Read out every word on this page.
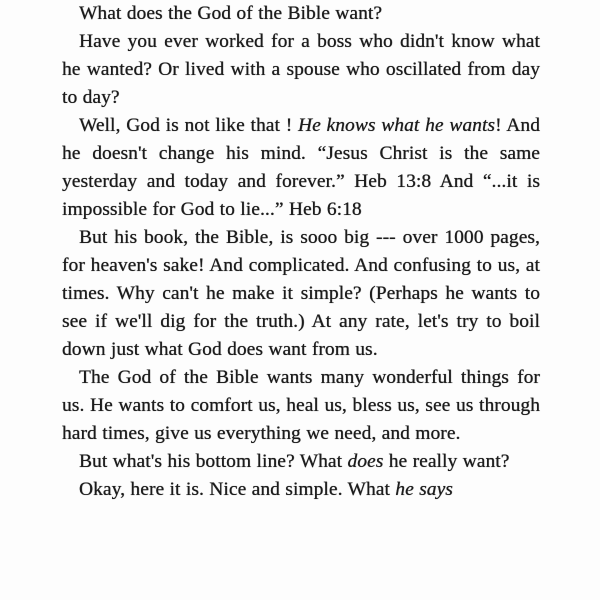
What does the God of the Bible want?

Have you ever worked for a boss who didn't know what he wanted? Or lived with a spouse who oscillated from day to day?

Well, God is not like that ! He knows what he wants! And he doesn't change his mind. “Jesus Christ is the same yesterday and today and forever.” Heb 13:8 And “...it is impossible for God to lie...” Heb 6:18

But his book, the Bible, is sooo big --- over 1000 pages, for heaven's sake! And complicated. And confusing to us, at times. Why can't he make it simple? (Perhaps he wants to see if we'll dig for the truth.) At any rate, let's try to boil down just what God does want from us.

The God of the Bible wants many wonderful things for us. He wants to comfort us, heal us, bless us, see us through hard times, give us everything we need, and more.

But what's his bottom line? What does he really want?

Okay, here it is. Nice and simple. What he says
